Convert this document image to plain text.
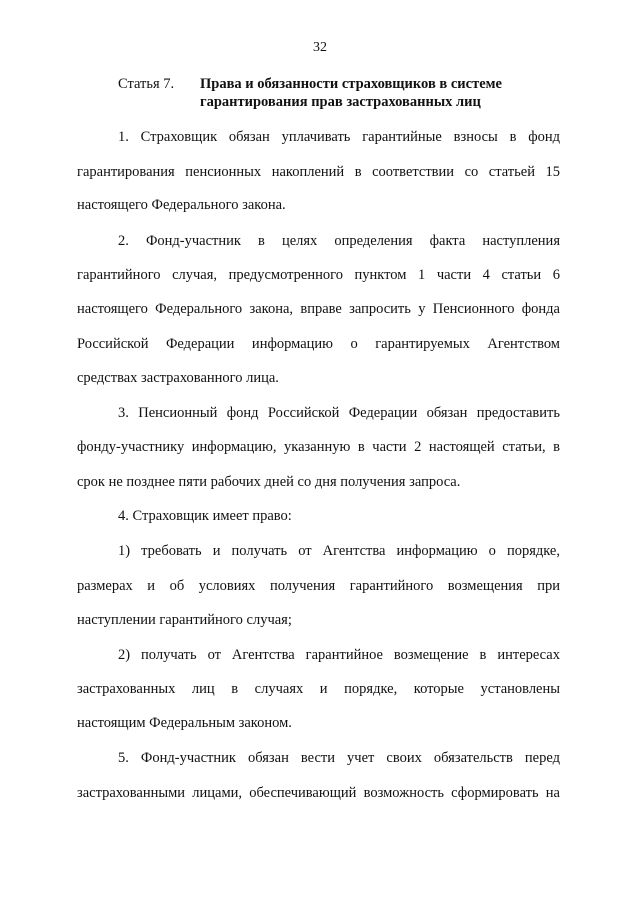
32
Статья 7.	Права и обязанности страховщиков в системе гарантирования прав застрахованных лиц
1. Страховщик обязан уплачивать гарантийные взносы в фонд
гарантирования пенсионных накоплений в соответствии со статьей 15
настоящего Федерального закона.
2. Фонд-участник в целях определения факта наступления
гарантийного случая, предусмотренного пунктом 1 части 4 статьи 6
настоящего Федерального закона, вправе запросить у Пенсионного фонда
Российской Федерации информацию о гарантируемых Агентством
средствах застрахованного лица.
3. Пенсионный фонд Российской Федерации обязан предоставить
фонду-участнику информацию, указанную в части 2 настоящей статьи, в
срок не позднее пяти рабочих дней со дня получения запроса.
4. Страховщик имеет право:
1) требовать и получать от Агентства информацию о порядке,
размерах и об условиях получения гарантийного возмещения при
наступлении гарантийного случая;
2) получать от Агентства гарантийное возмещение в интересах
застрахованных лиц в случаях и порядке, которые установлены
настоящим Федеральным законом.
5. Фонд-участник обязан вести учет своих обязательств перед
застрахованными лицами, обеспечивающий возможность сформировать на
